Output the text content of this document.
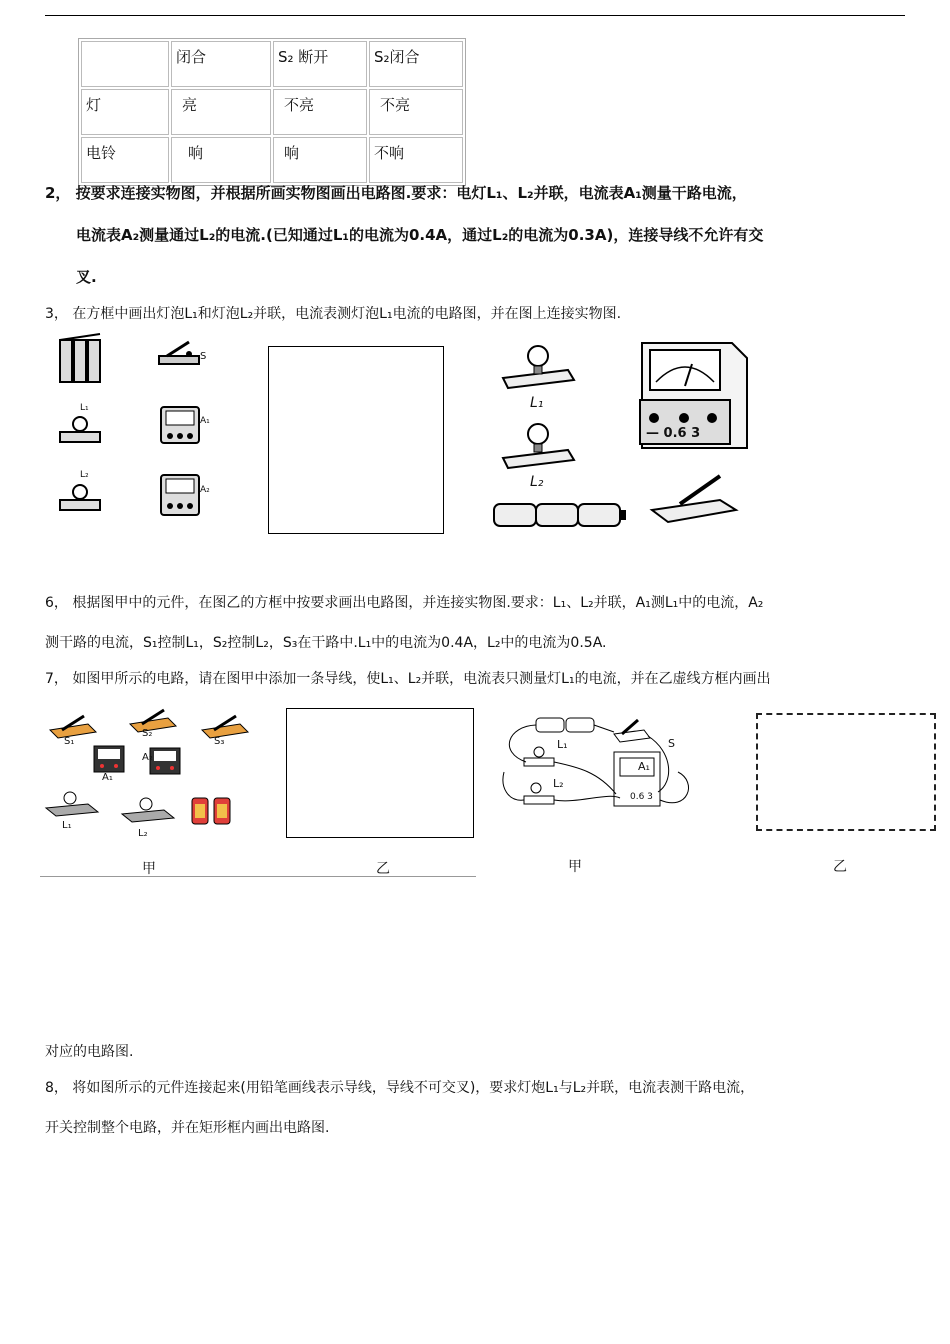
	闭合	S₂ 断开	S₂闭合
灯	亮	不亮	不亮
电铃	响	响	不响
2， 按要求连接实物图，并根据所画实物图画出电路图.要求：电灯L₁、L₂并联，电流表A₁测量干路电流，
电流表A₂测量通过L₂的电流.(已知通过L₁的电流为0.4A，通过L₂的电流为0.3A)，连接导线不允许有交
叉.
3， 在方框中画出灯泡L₁和灯泡L₂并联，电流表测灯泡L₁电流的电路图，并在图上连接实物图.
S
L₁
A₁
L₂
A₂
L₁
L₂
— 0.6 3
6， 根据图甲中的元件，在图乙的方框中按要求画出电路图，并连接实物图.要求：L₁、L₂并联，A₁测L₁中的电流，A₂
测干路的电流，S₁控制L₁，S₂控制L₂，S₃在干路中.L₁中的电流为0.4A，L₂中的电流为0.5A.
7， 如图甲所示的电路，请在图甲中添加一条导线，使L₁、L₂并联，电流表只测量灯L₁的电流，并在乙虚线方框内画出
S₁
S₂
S₃
A₁
A₂
L₁
L₂
甲	乙
L₁
L₂
S
A₁
0.6 3
甲	乙
对应的电路图.
8， 将如图所示的元件连接起来(用铅笔画线表示导线，导线不可交叉)，要求灯炮L₁与L₂并联，电流表测干路电流，
开关控制整个电路，并在矩形框内画出电路图.
